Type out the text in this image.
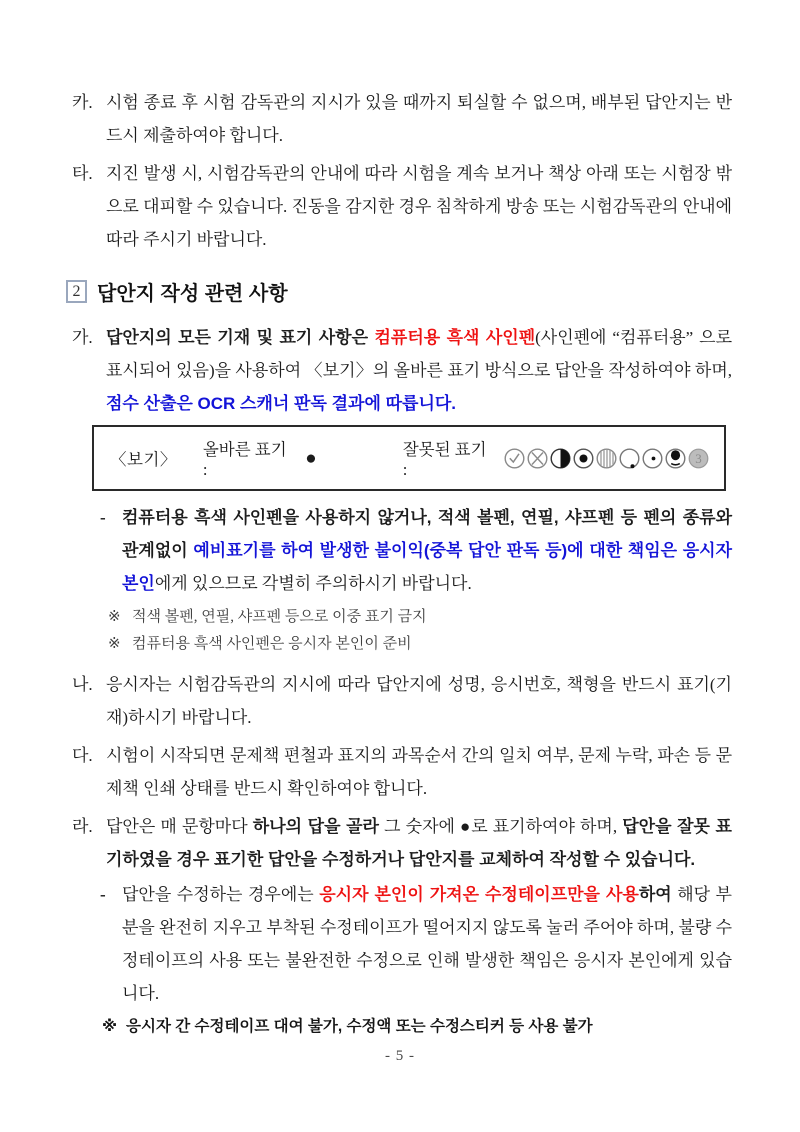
카. 시험 종료 후 시험 감독관의 지시가 있을 때까지 퇴실할 수 없으며, 배부된 답안지는 반드시 제출하여야 합니다.

타. 지진 발생 시, 시험감독관의 안내에 따라 시험을 계속 보거나 책상 아래 또는 시험장 밖으로 대피할 수 있습니다. 진동을 감지한 경우 침착하게 방송 또는 시험감독관의 안내에 따라 주시기 바랍니다.

2 답안지 작성 관련 사항

가. 답안지의 모든 기재 및 표기 사항은 컴퓨터용 흑색 사인펜(사인펜에 “컴퓨터용” 으로 표시되어 있음)을 사용하여 〈보기〉의 올바른 표기 방식으로 답안을 작성하여야 하며, 점수 산출은 OCR 스캐너 판독 결과에 따릅니다.

〈보기〉
올바른 표기 :
●	잘못된 표기 :
3

- 컴퓨터용 흑색 사인펜을 사용하지 않거나, 적색 볼펜, 연필, 샤프펜 등 펜의 종류와 관계없이 예비표기를 하여 발생한 불이익(중복 답안 판독 등)에 대한 책임은 응시자 본인에게 있으므로 각별히 주의하시기 바랍니다.

※ 적색 볼펜, 연필, 샤프펜 등으로 이중 표기 금지

※ 컴퓨터용 흑색 사인펜은 응시자 본인이 준비

나. 응시자는 시험감독관의 지시에 따라 답안지에 성명, 응시번호, 책형을 반드시 표기(기재)하시기 바랍니다.

다. 시험이 시작되면 문제책 편철과 표지의 과목순서 간의 일치 여부, 문제 누락, 파손 등 문제책 인쇄 상태를 반드시 확인하여야 합니다.

라. 답안은 매 문항마다 하나의 답을 골라 그 숫자에 ●로 표기하여야 하며, 답안을 잘못 표기하였을 경우 표기한 답안을 수정하거나 답안지를 교체하여 작성할 수 있습니다.

- 답안을 수정하는 경우에는 응시자 본인이 가져온 수정테이프만을 사용하여 해당 부분을 완전히 지우고 부착된 수정테이프가 떨어지지 않도록 눌러 주어야 하며, 불량 수정테이프의 사용 또는 불완전한 수정으로 인해 발생한 책임은 응시자 본인에게 있습니다.

※ 응시자 간 수정테이프 대여 불가, 수정액 또는 수정스티커 등 사용 불가

- 5 -
